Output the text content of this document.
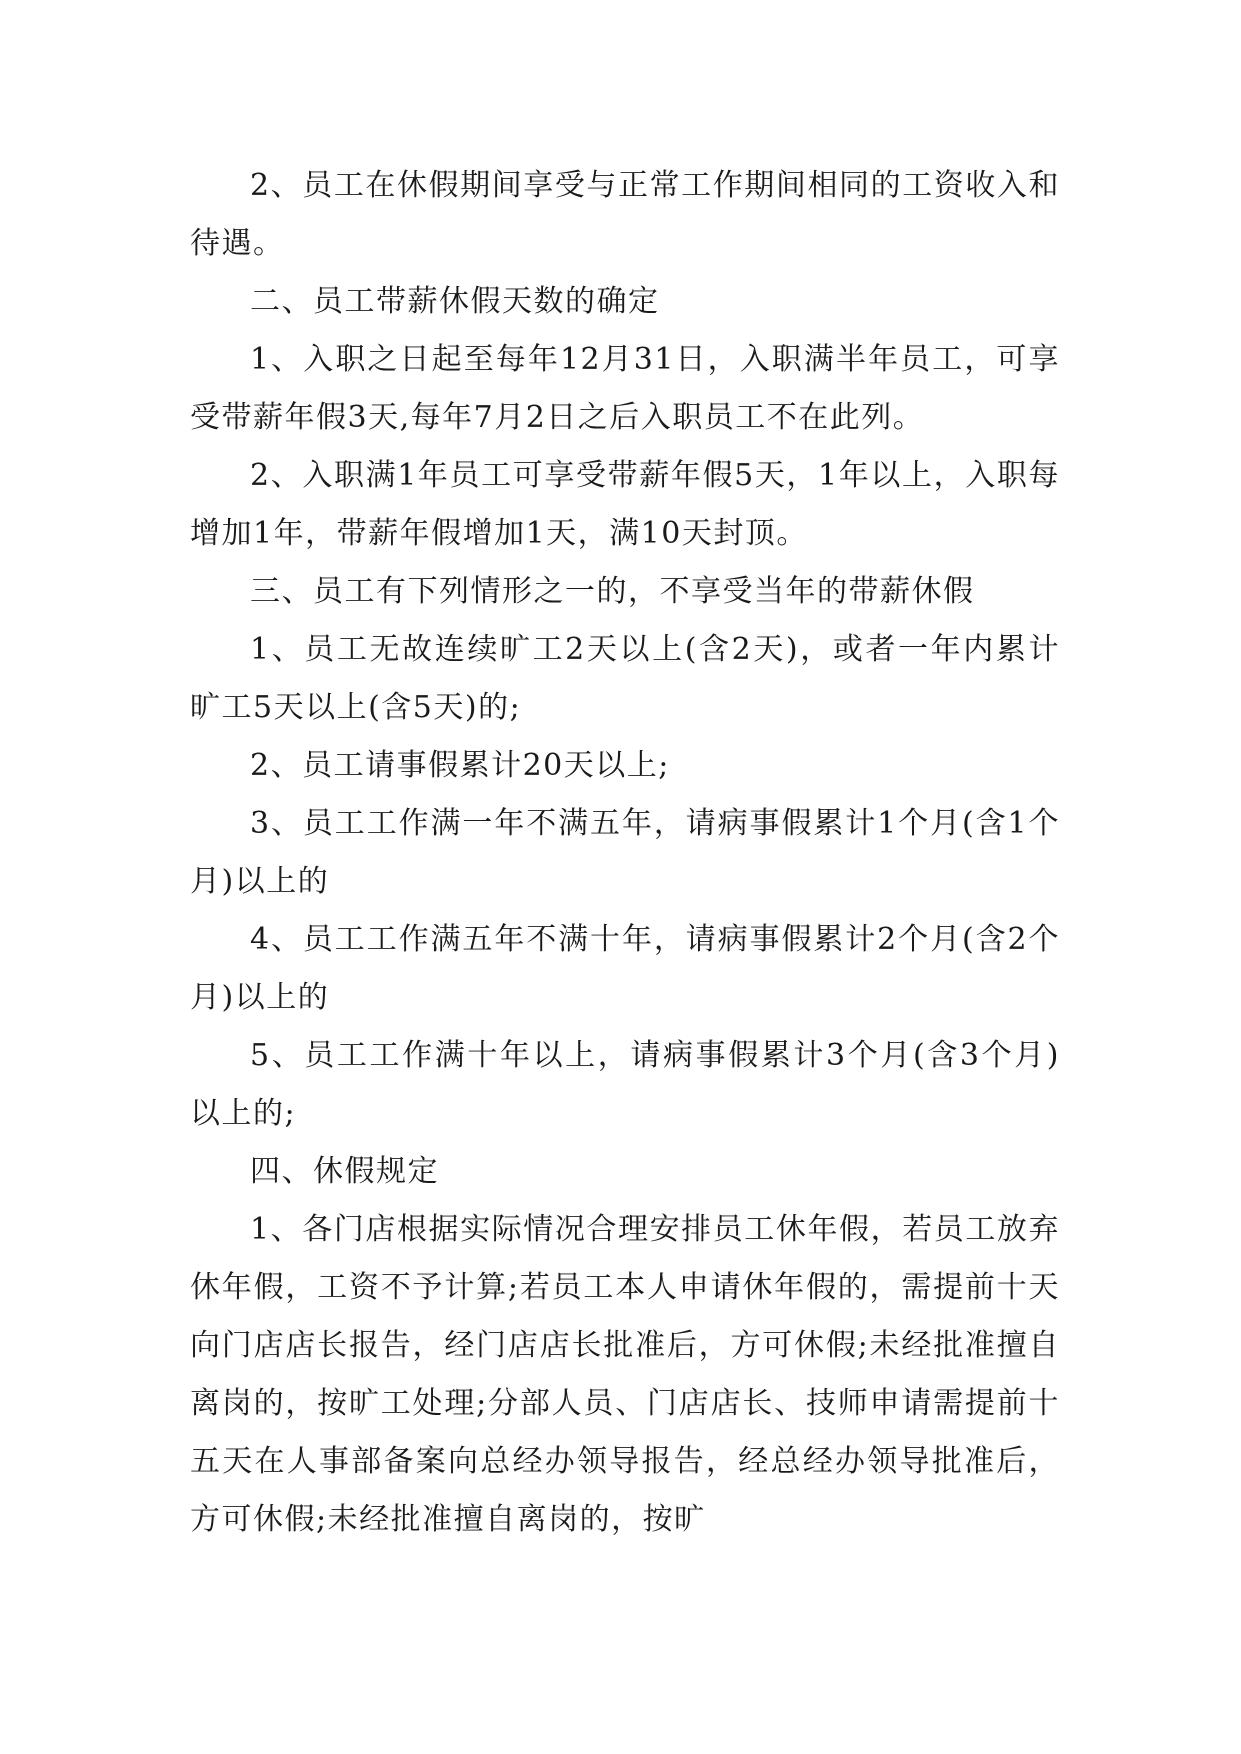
2、员工在休假期间享受与正常工作期间相同的工资收入和待遇。

二、员工带薪休假天数的确定

1、入职之日起至每年12月31日，入职满半年员工，可享受带薪年假3天,每年7月2日之后入职员工不在此列。

2、入职满1年员工可享受带薪年假5天，1年以上，入职每增加1年，带薪年假增加1天，满10天封顶。

三、员工有下列情形之一的，不享受当年的带薪休假

1、员工无故连续旷工2天以上(含2天)，或者一年内累计旷工5天以上(含5天)的;

2、员工请事假累计20天以上;

3、员工工作满一年不满五年，请病事假累计1个月(含1个月)以上的

4、员工工作满五年不满十年，请病事假累计2个月(含2个月)以上的

5、员工工作满十年以上，请病事假累计3个月(含3个月)以上的;

四、休假规定

1、各门店根据实际情况合理安排员工休年假，若员工放弃休年假，工资不予计算;若员工本人申请休年假的，需提前十天向门店店长报告，经门店店长批准后，方可休假;未经批准擅自离岗的，按旷工处理;分部人员、门店店长、技师申请需提前十五天在人事部备案向总经办领导报告，经总经办领导批准后，方可休假;未经批准擅自离岗的，按旷
